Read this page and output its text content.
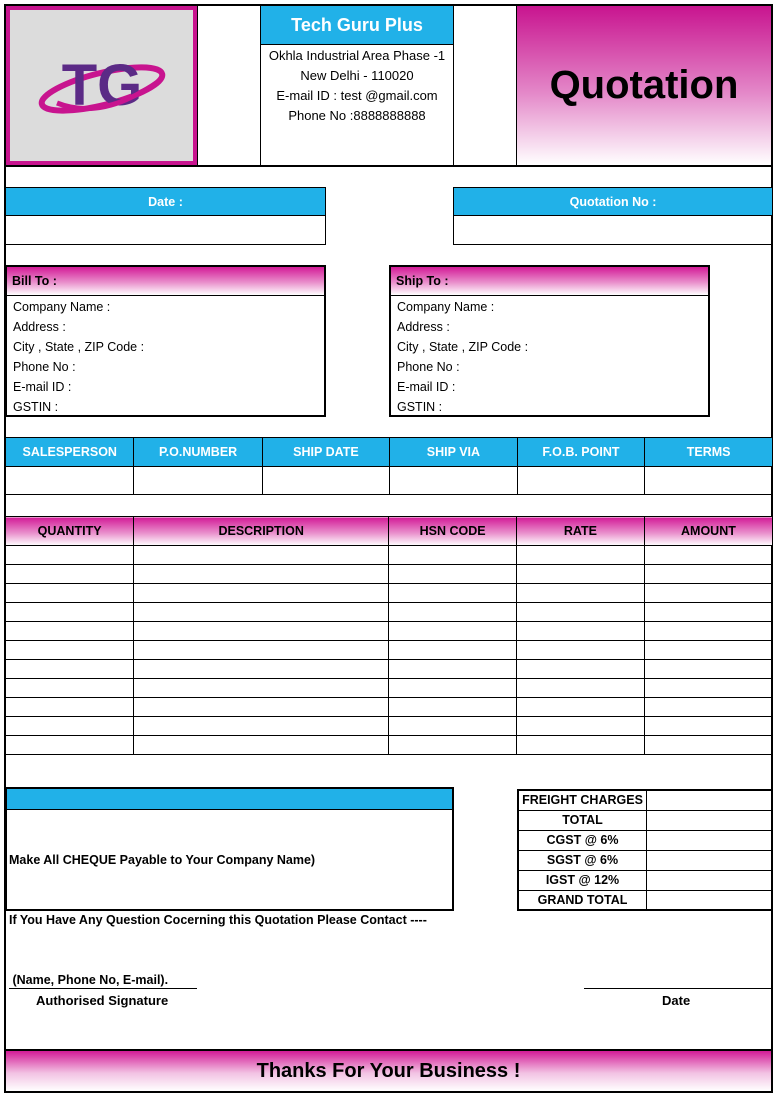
TG
Tech Guru Plus
Okhla Industrial Area Phase -1
New Delhi - 110020
E-mail ID : test @gmail.com
Phone No :8888888888
Quotation
Date :	Quotation No :
Bill To :
Company Name :
Address :
City , State , ZIP Code :
Phone No :
E-mail ID :
GSTIN :
Ship To :
Company Name :
Address :
City , State , ZIP Code :
Phone No :
E-mail ID :
GSTIN :
SALESPERSON	P.O.NUMBER	SHIP DATE	SHIP VIA	F.O.B. POINT	TERMS

QUANTITY	DESCRIPTION	HSN CODE	RATE	AMOUNT

Make All CHEQUE Payable to Your Company Name)

If You Have Any Question Cocerning this Quotation Please Contact ----

(Name, Phone No, E-mail).

FREIGHT CHARGES	
TOTAL	
CGST @ 6%	
SGST @ 6%	
IGST @ 12%	
GRAND TOTAL	
Authorised Signature	Date
Thanks For Your Business !
